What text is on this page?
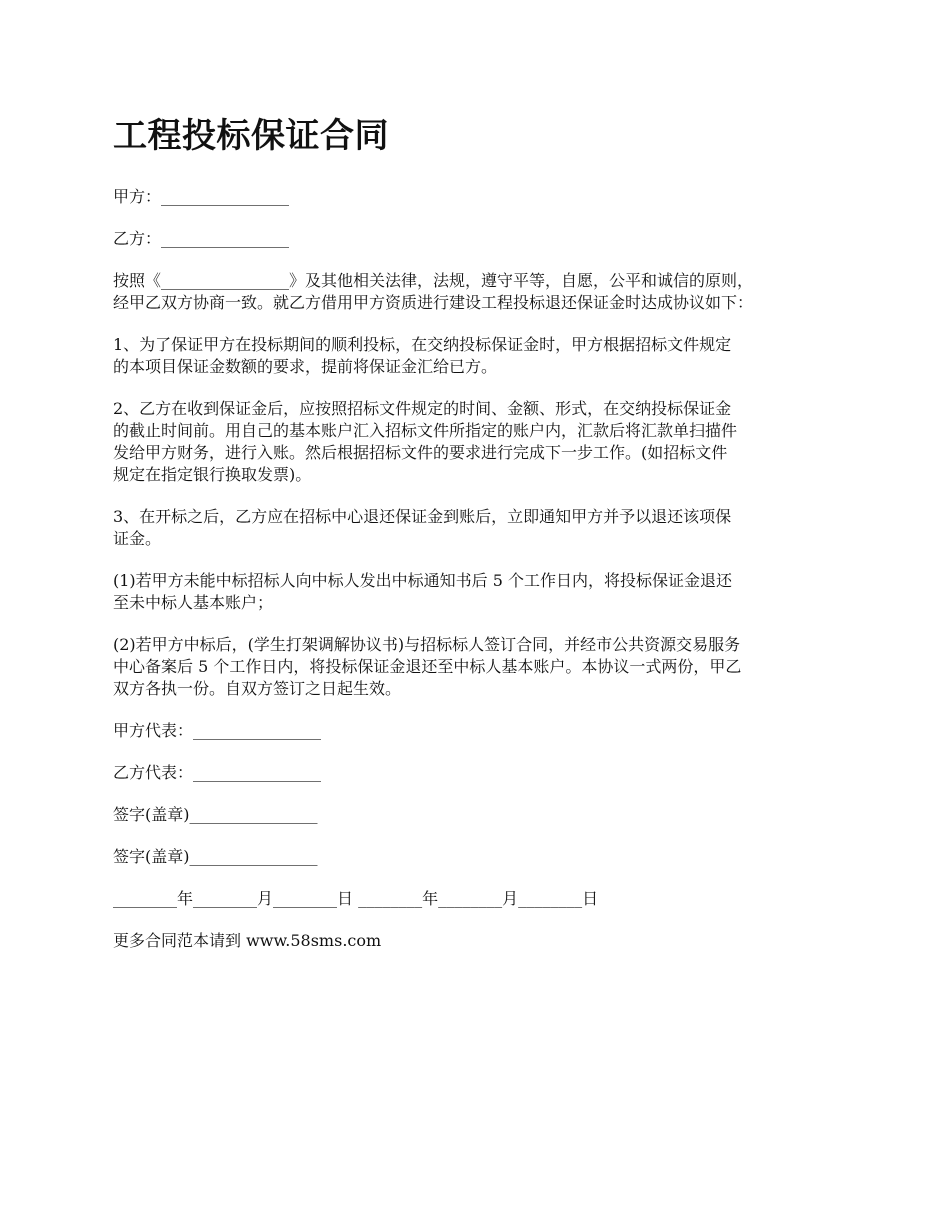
工程投标保证合同
甲方：________________
乙方：________________
按照《________________》及其他相关法律，法规，遵守平等，自愿，公平和诚信的原则，
经甲乙双方协商一致。就乙方借用甲方资质进行建设工程投标退还保证金时达成协议如下：
1、为了保证甲方在投标期间的顺利投标，在交纳投标保证金时，甲方根据招标文件规定
的本项目保证金数额的要求，提前将保证金汇给已方。
2、乙方在收到保证金后，应按照招标文件规定的时间、金额、形式，在交纳投标保证金
的截止时间前。用自己的基本账户汇入招标文件所指定的账户内，汇款后将汇款单扫描件
发给甲方财务，进行入账。然后根据招标文件的要求进行完成下一步工作。(如招标文件
规定在指定银行换取发票)。
3、在开标之后，乙方应在招标中心退还保证金到账后，立即通知甲方并予以退还该项保
证金。
(1)若甲方未能中标招标人向中标人发出中标通知书后 5 个工作日内，将投标保证金退还
至未中标人基本账户；
(2)若甲方中标后，(学生打架调解协议书)与招标标人签订合同，并经市公共资源交易服务
中心备案后 5 个工作日内，将投标保证金退还至中标人基本账户。本协议一式两份，甲乙
双方各执一份。自双方签订之日起生效。
甲方代表：________________
乙方代表：________________
签字(盖章)________________
签字(盖章)________________
________年________月________日 ________年________月________日
更多合同范本请到 www.58sms.com
